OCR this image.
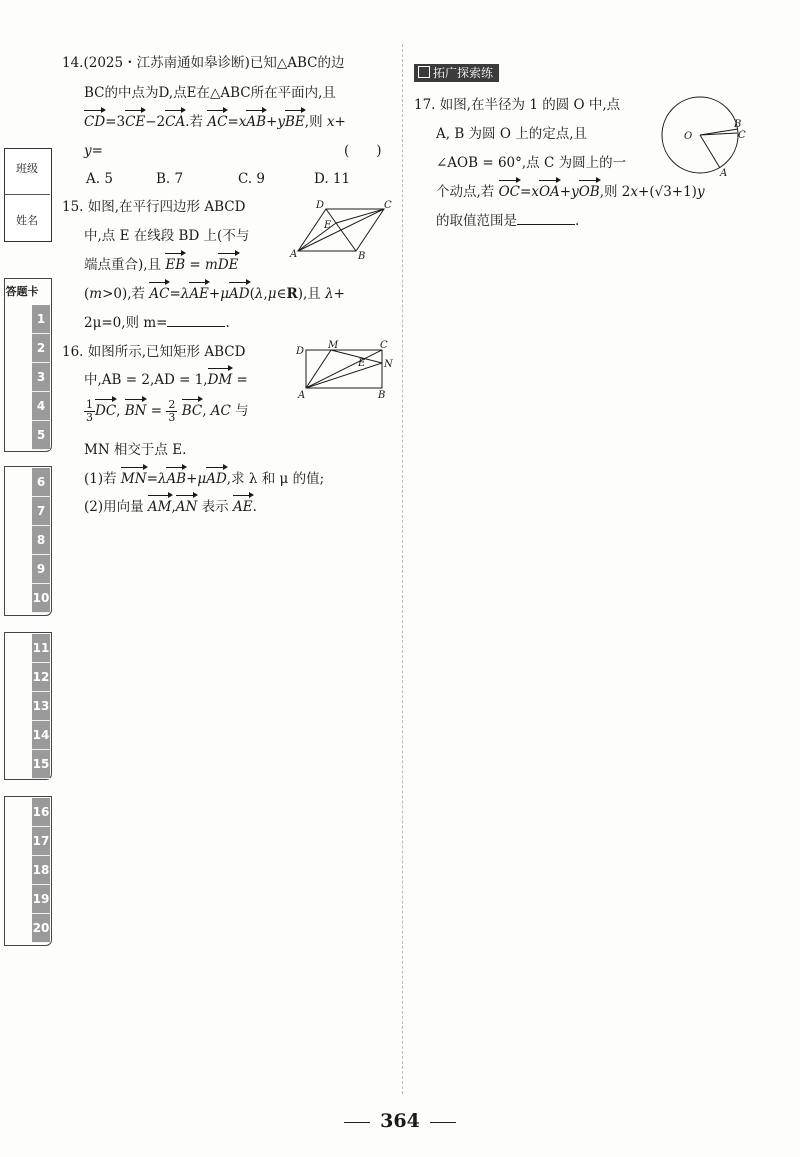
班级
姓名
答题卡
1
2
3
4
5
6
7
8
9
10
11
12
13
14
15
16
17
18
19
20
14.(2025・江苏南通如皋诊断)已知△ABC的边
BC的中点为D,点E在△ABC所在平面内,且
CD=3CE−2CA.若 AC=xAB+yBE,则 x+
y=	(　　)
A. 5	B. 7	C. 9	D. 11
15. 如图,在平行四边形 ABCD
中,点 E 在线段 BD 上(不与
端点重合),且 EB = mDE
(m>0),若 AC=λAE+μAD(λ,μ∈R),且 λ+
2μ=0,则 m=	.
D	C
E
A	B
16. 如图所示,已知矩形 ABCD
中,AB = 2,AD = 1,DM =
$\frac{1}{3}$ DC, BN = $\frac{2}{3}$ BC, AC 与
MN 相交于点 E.
(1)若 MN=λAB+μAD,求 λ 和 μ 的值;
(2)用向量 AM,AN 表示 AE.
D
M	C
N
E
A	B
拓广探索练
17. 如图,在半径为 1 的圆 O 中,点
A, B 为圆 O 上的定点,且
∠AOB = 60°,点 C 为圆上的一
个动点,若 OC=xOA+yOB,则 2x+(√3+1)y
的取值范围是	.
O
B
C
A
364
